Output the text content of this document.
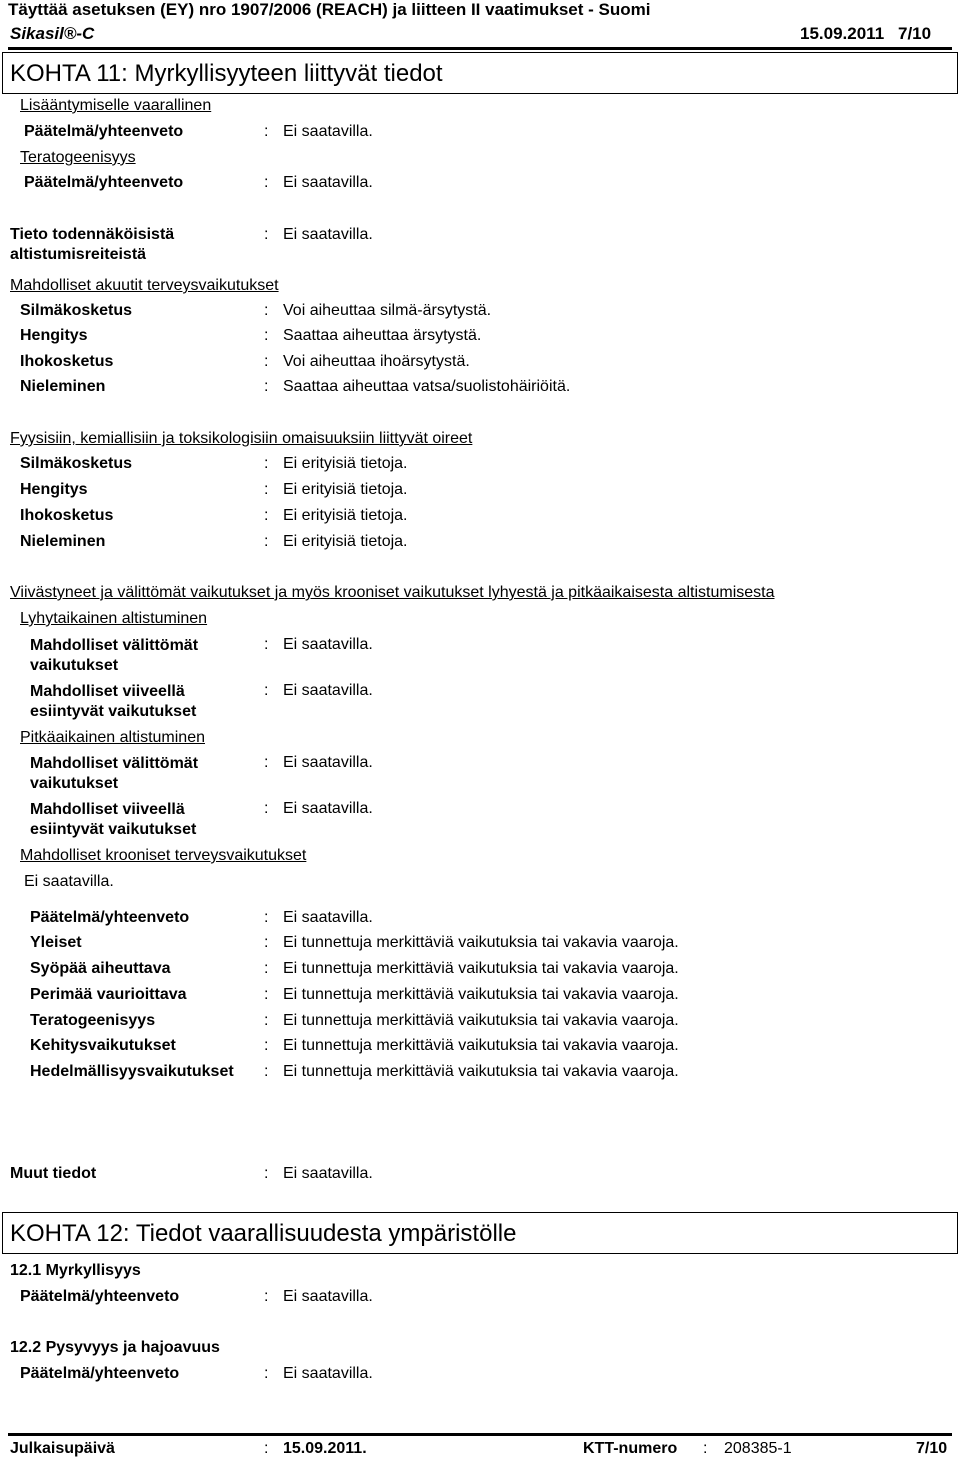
Täyttää asetuksen (EY) nro 1907/2006 (REACH) ja liitteen II vaatimukset - Suomi
Sikasil®-C	15.09.2011 7/10
KOHTA 11: Myrkyllisyyteen liittyvät tiedot
Lisääntymiselle vaarallinen
Päätelmä/yhteenveto	: Ei saatavilla.
Teratogeenisyys
Päätelmä/yhteenveto	: Ei saatavilla.
Tieto todennäköisistä
altistumisreiteistä
: Ei saatavilla.
Mahdolliset akuutit terveysvaikutukset
Silmäkosketus	: Voi aiheuttaa silmä-ärsytystä.
Hengitys	: Saattaa aiheuttaa ärsytystä.
Ihokosketus	: Voi aiheuttaa ihoärsytystä.
Nieleminen	: Saattaa aiheuttaa vatsa/suolistohäiriöitä.
Fyysisiin, kemiallisiin ja toksikologisiin omaisuuksiin liittyvät oireet
Silmäkosketus	: Ei erityisiä tietoja.
Hengitys	: Ei erityisiä tietoja.
Ihokosketus	: Ei erityisiä tietoja.
Nieleminen	: Ei erityisiä tietoja.
Viivästyneet ja välittömät vaikutukset ja myös krooniset vaikutukset lyhyestä ja pitkäaikaisesta altistumisesta
Lyhytaikainen altistuminen
Mahdolliset välittömät vaikutukset
: Ei saatavilla.
Mahdolliset viiveellä esiintyvät vaikutukset
: Ei saatavilla.
Pitkäaikainen altistuminen
Mahdolliset välittömät vaikutukset
: Ei saatavilla.
Mahdolliset viiveellä esiintyvät vaikutukset
: Ei saatavilla.
Mahdolliset krooniset terveysvaikutukset
Ei saatavilla.
Päätelmä/yhteenveto	: Ei saatavilla.
Yleiset	: Ei tunnettuja merkittäviä vaikutuksia tai vakavia vaaroja.
Syöpää aiheuttava	: Ei tunnettuja merkittäviä vaikutuksia tai vakavia vaaroja.
Perimää vaurioittava	: Ei tunnettuja merkittäviä vaikutuksia tai vakavia vaaroja.
Teratogeenisyys	: Ei tunnettuja merkittäviä vaikutuksia tai vakavia vaaroja.
Kehitysvaikutukset	: Ei tunnettuja merkittäviä vaikutuksia tai vakavia vaaroja.
Hedelmällisyysvaikutukset : Ei tunnettuja merkittäviä vaikutuksia tai vakavia vaaroja.
Muut tiedot	: Ei saatavilla.
KOHTA 12: Tiedot vaarallisuudesta ympäristölle
12.1 Myrkyllisyys
Päätelmä/yhteenveto	: Ei saatavilla.
12.2 Pysyvyys ja hajoavuus
Päätelmä/yhteenveto	: Ei saatavilla.
Julkaisupäivä	: 15.09.2011.	KTT-numero : 208385-1	7/10
